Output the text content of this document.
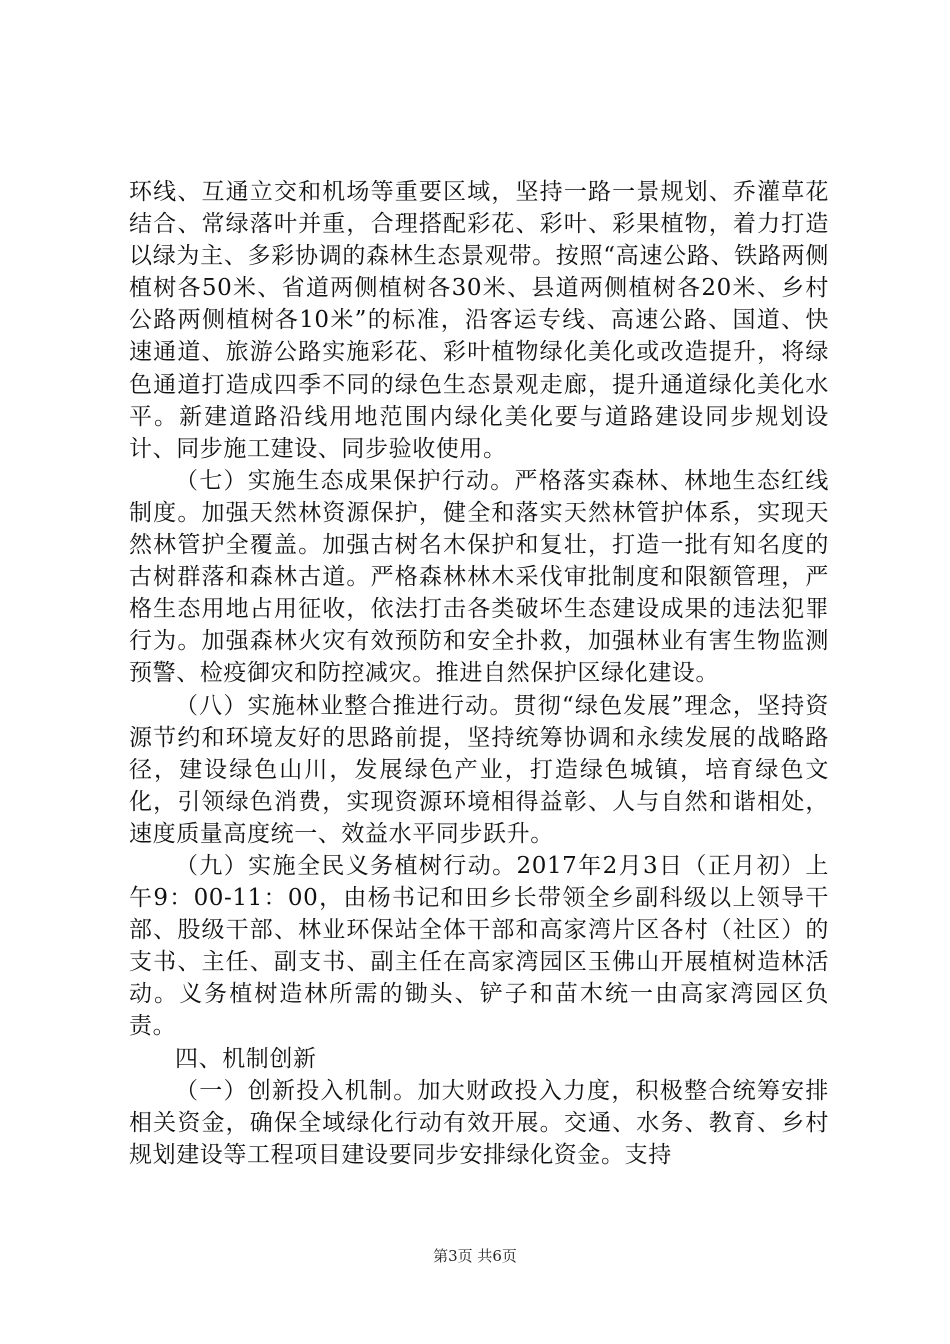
环线、互通立交和机场等重要区域，坚持一路一景规划、乔灌草花结合、常绿落叶并重，合理搭配彩花、彩叶、彩果植物，着力打造以绿为主、多彩协调的森林生态景观带。按照“高速公路、铁路两侧植树各50米、省道两侧植树各30米、县道两侧植树各20米、乡村公路两侧植树各10米”的标准，沿客运专线、高速公路、国道、快速通道、旅游公路实施彩花、彩叶植物绿化美化或改造提升，将绿色通道打造成四季不同的绿色生态景观走廊，提升通道绿化美化水平。新建道路沿线用地范围内绿化美化要与道路建设同步规划设计、同步施工建设、同步验收使用。

（七）实施生态成果保护行动。严格落实森林、林地生态红线制度。加强天然林资源保护，健全和落实天然林管护体系，实现天然林管护全覆盖。加强古树名木保护和复壮，打造一批有知名度的古树群落和森林古道。严格森林林木采伐审批制度和限额管理，严格生态用地占用征收，依法打击各类破坏生态建设成果的违法犯罪行为。加强森林火灾有效预防和安全扑救，加强林业有害生物监测预警、检疫御灾和防控减灾。推进自然保护区绿化建设。

（八）实施林业整合推进行动。贯彻“绿色发展”理念，坚持资源节约和环境友好的思路前提，坚持统筹协调和永续发展的战略路径，建设绿色山川，发展绿色产业，打造绿色城镇，培育绿色文化，引领绿色消费，实现资源环境相得益彰、人与自然和谐相处，速度质量高度统一、效益水平同步跃升。

（九）实施全民义务植树行动。2017年2月3日（正月初）上午9：00-11：00，由杨书记和田乡长带领全乡副科级以上领导干部、股级干部、林业环保站全体干部和高家湾片区各村（社区）的支书、主任、副支书、副主任在高家湾园区玉佛山开展植树造林活动。义务植树造林所需的锄头、铲子和苗木统一由高家湾园区负责。

四、机制创新

（一）创新投入机制。加大财政投入力度，积极整合统筹安排相关资金，确保全域绿化行动有效开展。交通、水务、教育、乡村规划建设等工程项目建设要同步安排绿化资金。支持

第3页 共6页
